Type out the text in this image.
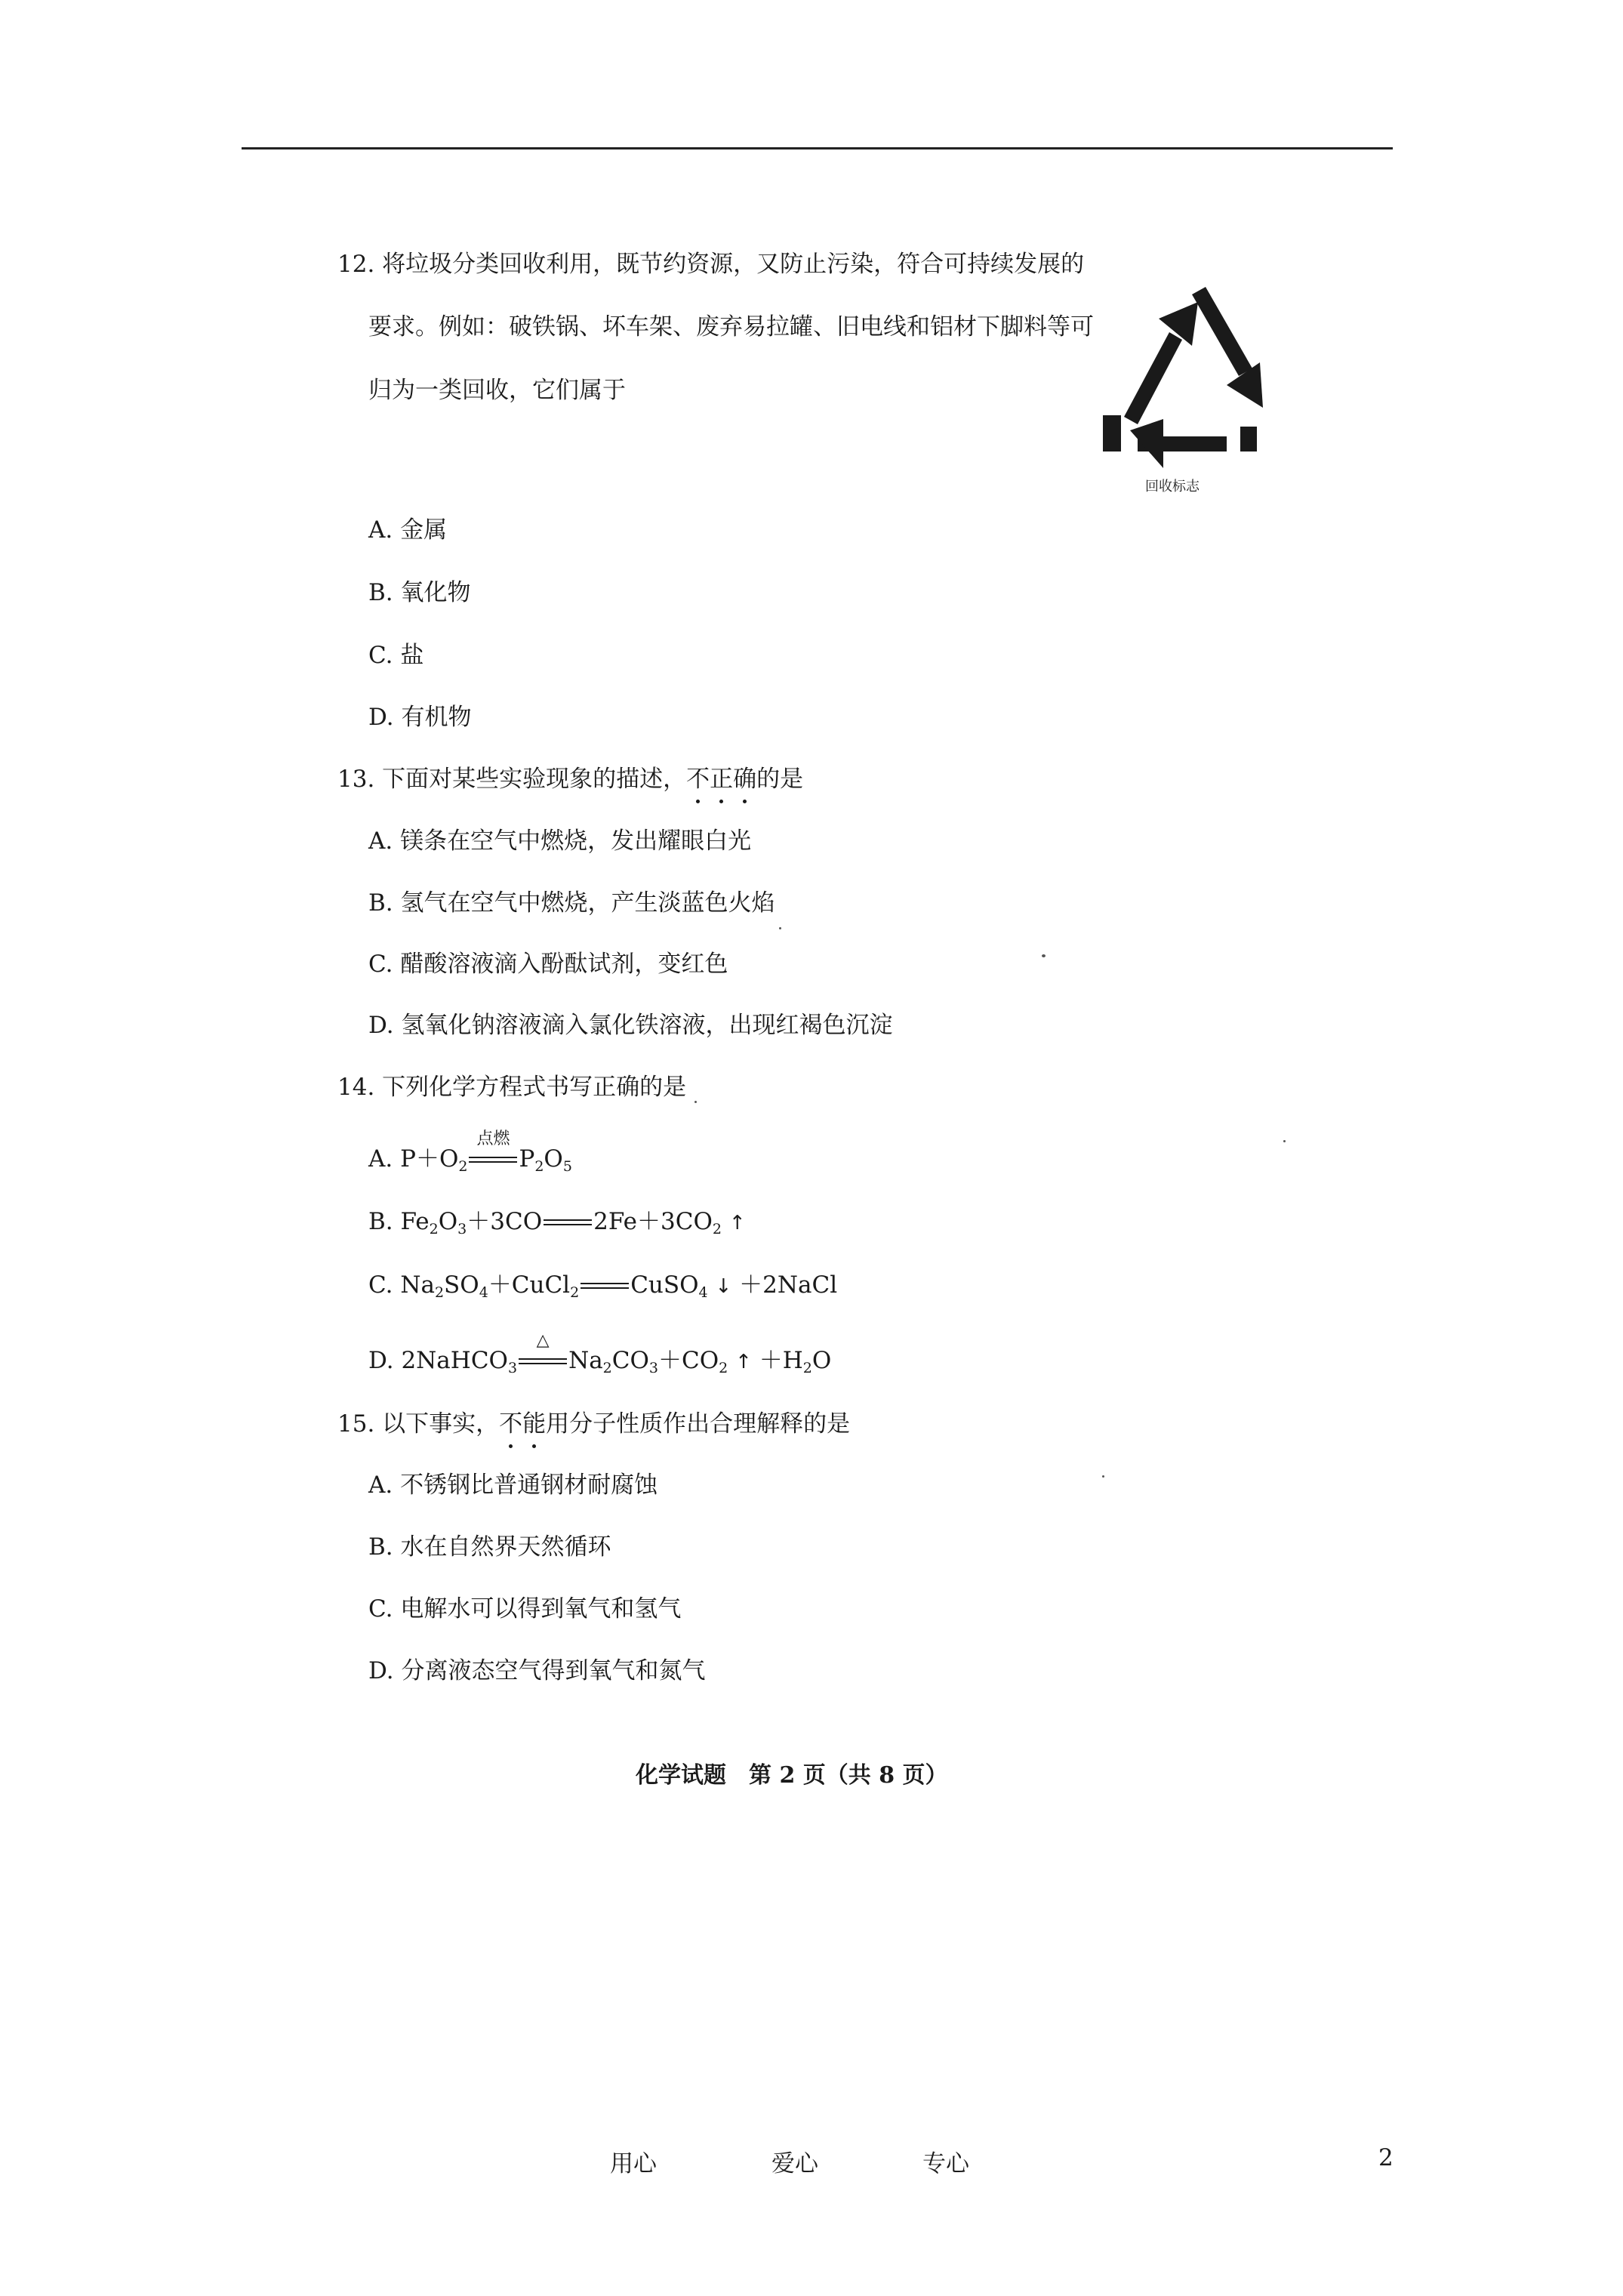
12. 将垃圾分类回收利用，既节约资源，又防止污染，符合可持续发展的
要求。例如：破铁锅、坏车架、废弃易拉罐、旧电线和铝材下脚料等可
归为一类回收，它们属于
回收标志
A. 金属
B. 氧化物
C. 盐
D. 有机物
13. 下面对某些实验现象的描述，不正确的是
A. 镁条在空气中燃烧，发出耀眼白光
B. 氢气在空气中燃烧，产生淡蓝色火焰
C. 醋酸溶液滴入酚酞试剂，变红色
D. 氢氧化钠溶液滴入氯化铁溶液，出现红褐色沉淀
14. 下列化学方程式书写正确的是
A. $P+O_2$
点燃
$P_2O_5$
B. $Fe_2O_3+3CO$ $2Fe+3CO_2$ ↑
C. $Na_2SO_4+CuCl_2$ CuSO$_4$ ↓ ＋2NaCl
D. 2NaHCO$_3$
△
$Na_2CO_3+CO_2$ ↑ $+H_2O$
15. 以下事实，不能用分子性质作出合理解释的是
A. 不锈钢比普通钢材耐腐蚀
B. 水在自然界天然循环
C. 电解水可以得到氧气和氢气
D. 分离液态空气得到氧气和氮气
化学试题　第 2 页（共 8 页）
用心	爱心	专心	2
